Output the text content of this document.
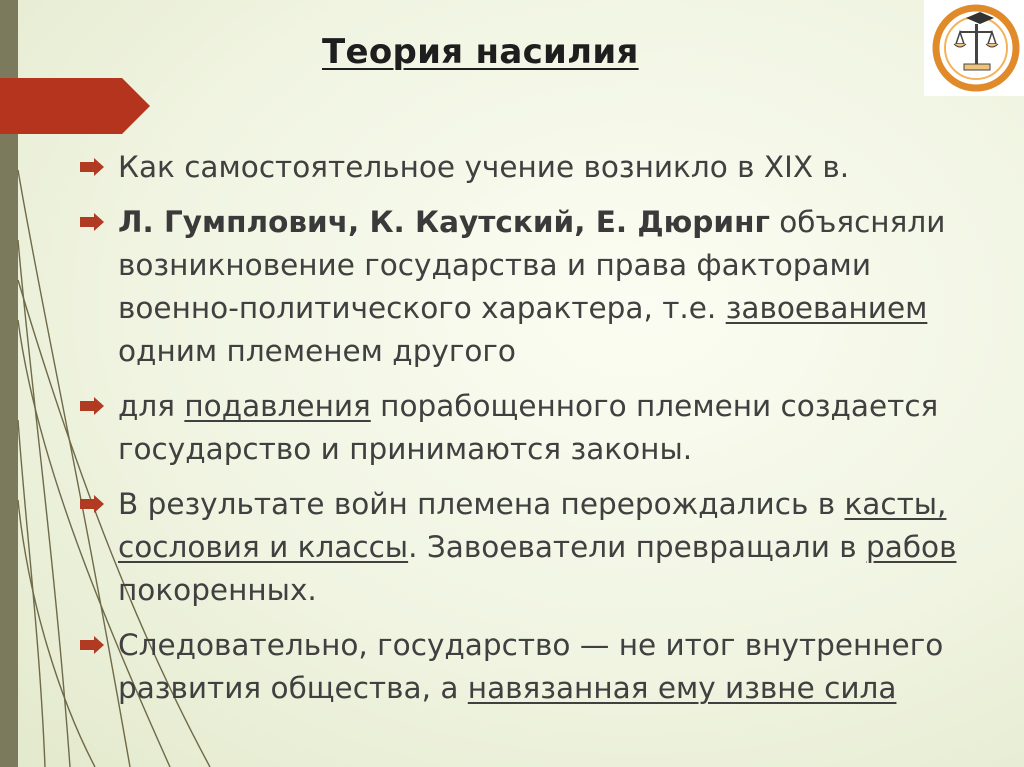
Теория насилия
Как самостоятельное учение возникло в XIX в.
Л. Гумплович, К. Каутский, Е. Дюринг объясняли возникновение государства и права факторами военно-политического характера, т.е. завоеванием одним племенем другого
для подавления порабощенного племени создается государство и принимаются законы.
В результате войн племена перерождались в касты, сословия и классы. Завоеватели превращали в рабов покоренных.
Следовательно, государство — не итог внутреннего развития общества, а навязанная ему извне сила
